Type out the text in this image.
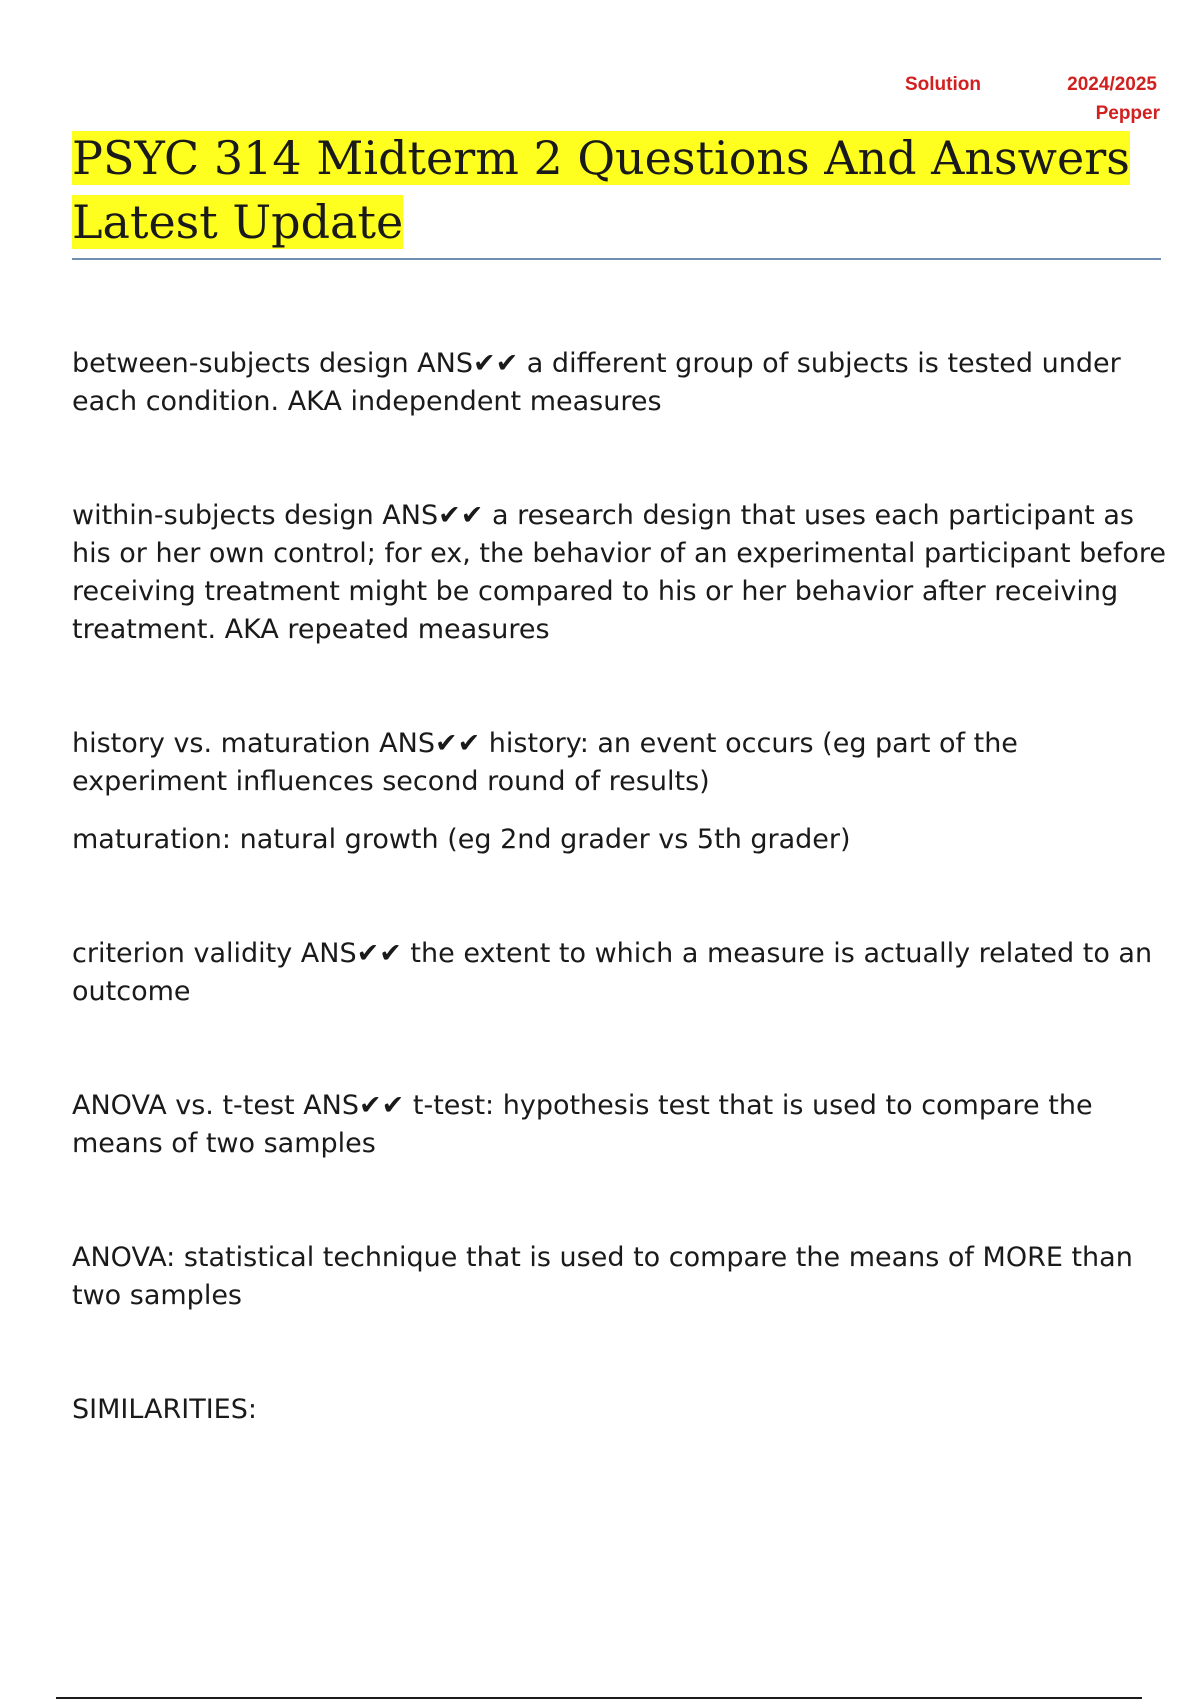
Solution	2024/2025
Pepper
PSYC 314 Midterm 2 Questions And Answers Latest Update

between-subjects design ANS✔✔ a different group of subjects is tested under each condition. AKA independent measures

within-subjects design ANS✔✔ a research design that uses each participant as his or her own control; for ex, the behavior of an experimental participant before receiving treatment might be compared to his or her behavior after receiving treatment. AKA repeated measures

history vs. maturation ANS✔✔ history: an event occurs (eg part of the experiment influences second round of results)

maturation: natural growth (eg 2nd grader vs 5th grader)

criterion validity ANS✔✔ the extent to which a measure is actually related to an outcome

ANOVA vs. t-test ANS✔✔ t-test: hypothesis test that is used to compare the means of two samples

ANOVA: statistical technique that is used to compare the means of MORE than two samples

SIMILARITIES:
